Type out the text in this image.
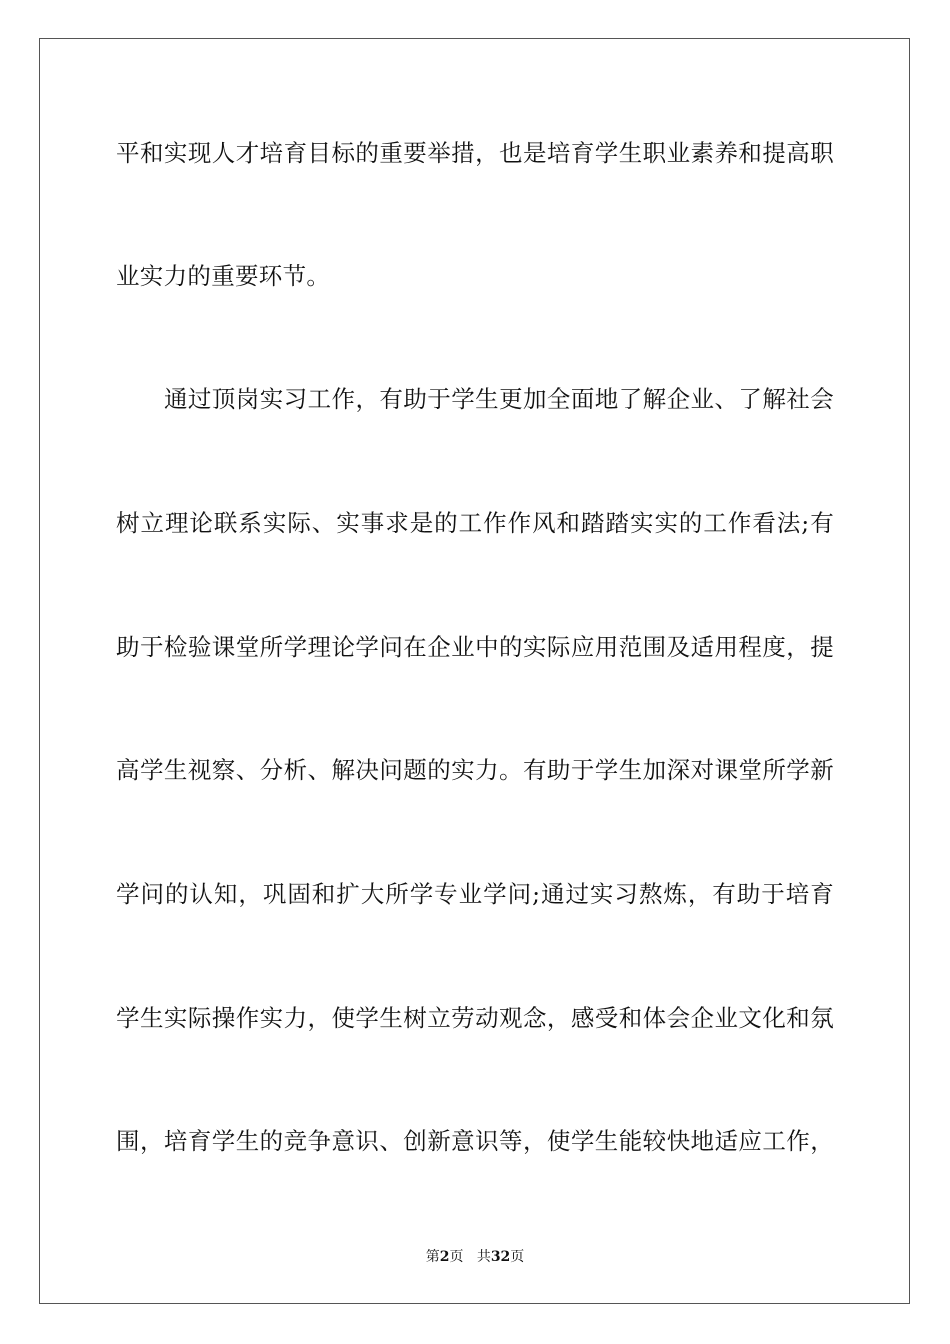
平和实现人才培育目标的重要举措，也是培育学生职业素养和提高职
业实力的重要环节。
通过顶岗实习工作，有助于学生更加全面地了解企业、了解社会
树立理论联系实际、实事求是的工作作风和踏踏实实的工作看法;有
助于检验课堂所学理论学问在企业中的实际应用范围及适用程度，提
高学生视察、分析、解决问题的实力。有助于学生加深对课堂所学新
学问的认知，巩固和扩大所学专业学问;通过实习熬炼，有助于培育
学生实际操作实力，使学生树立劳动观念，感受和体会企业文化和氛
围，培育学生的竞争意识、创新意识等，使学生能较快地适应工作，
第2页 共32页
